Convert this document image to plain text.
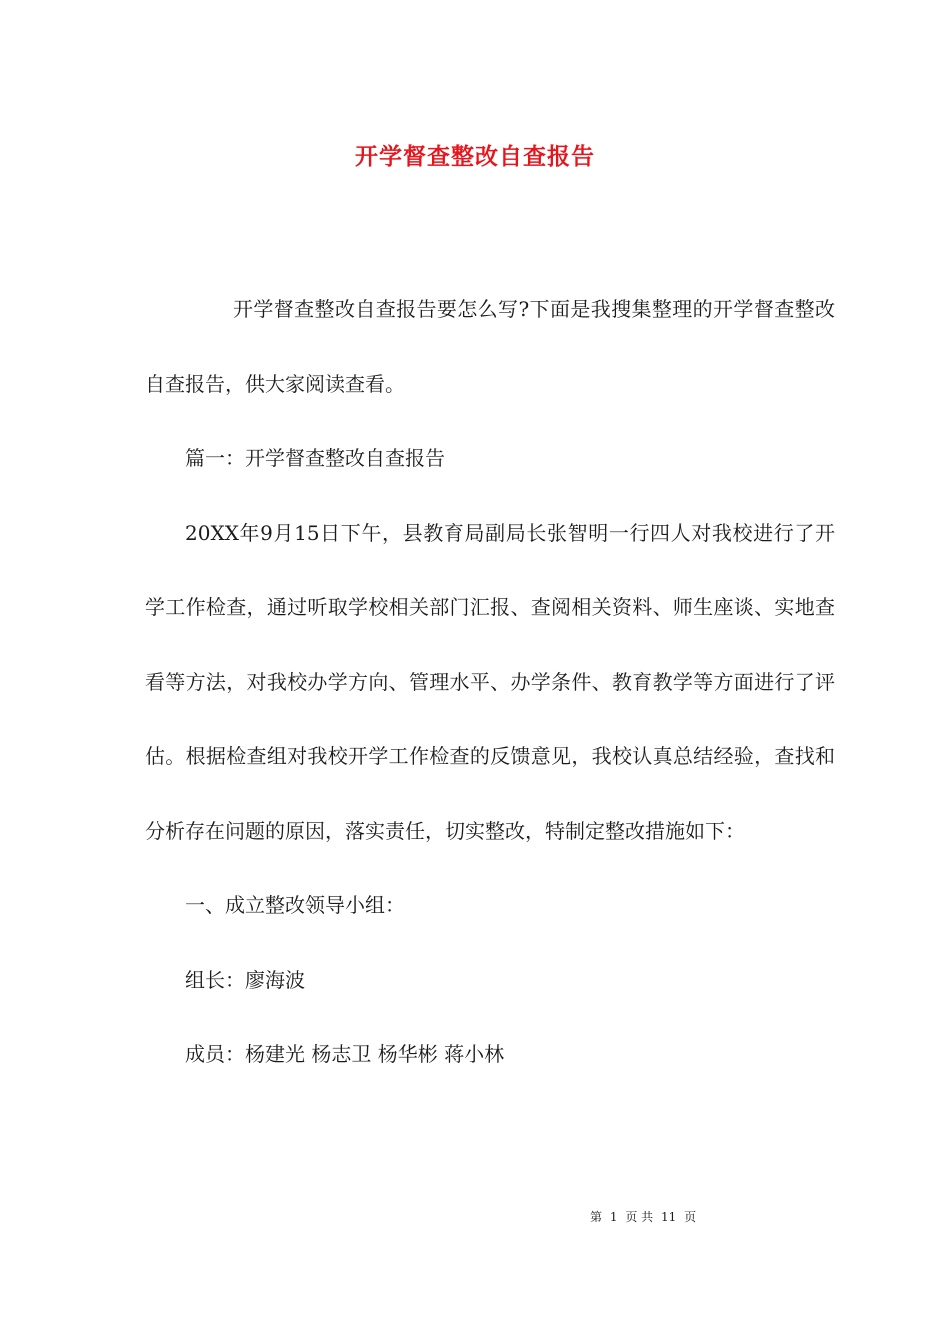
开学督查整改自查报告

开学督查整改自查报告要怎么写?下面是我搜集整理的开学督查整改自查报告，供大家阅读查看。

篇一：开学督查整改自查报告

20XX年9月15日下午，县教育局副局长张智明一行四人对我校进行了开学工作检查，通过听取学校相关部门汇报、查阅相关资料、师生座谈、实地查看等方法，对我校办学方向、管理水平、办学条件、教育教学等方面进行了评估。根据检查组对我校开学工作检查的反馈意见，我校认真总结经验，查找和分析存在问题的原因，落实责任，切实整改，特制定整改措施如下：

一、成立整改领导小组：

组长：廖海波

成员：杨建光 杨志卫 杨华彬 蒋小林

第 1 页 共 11 页
